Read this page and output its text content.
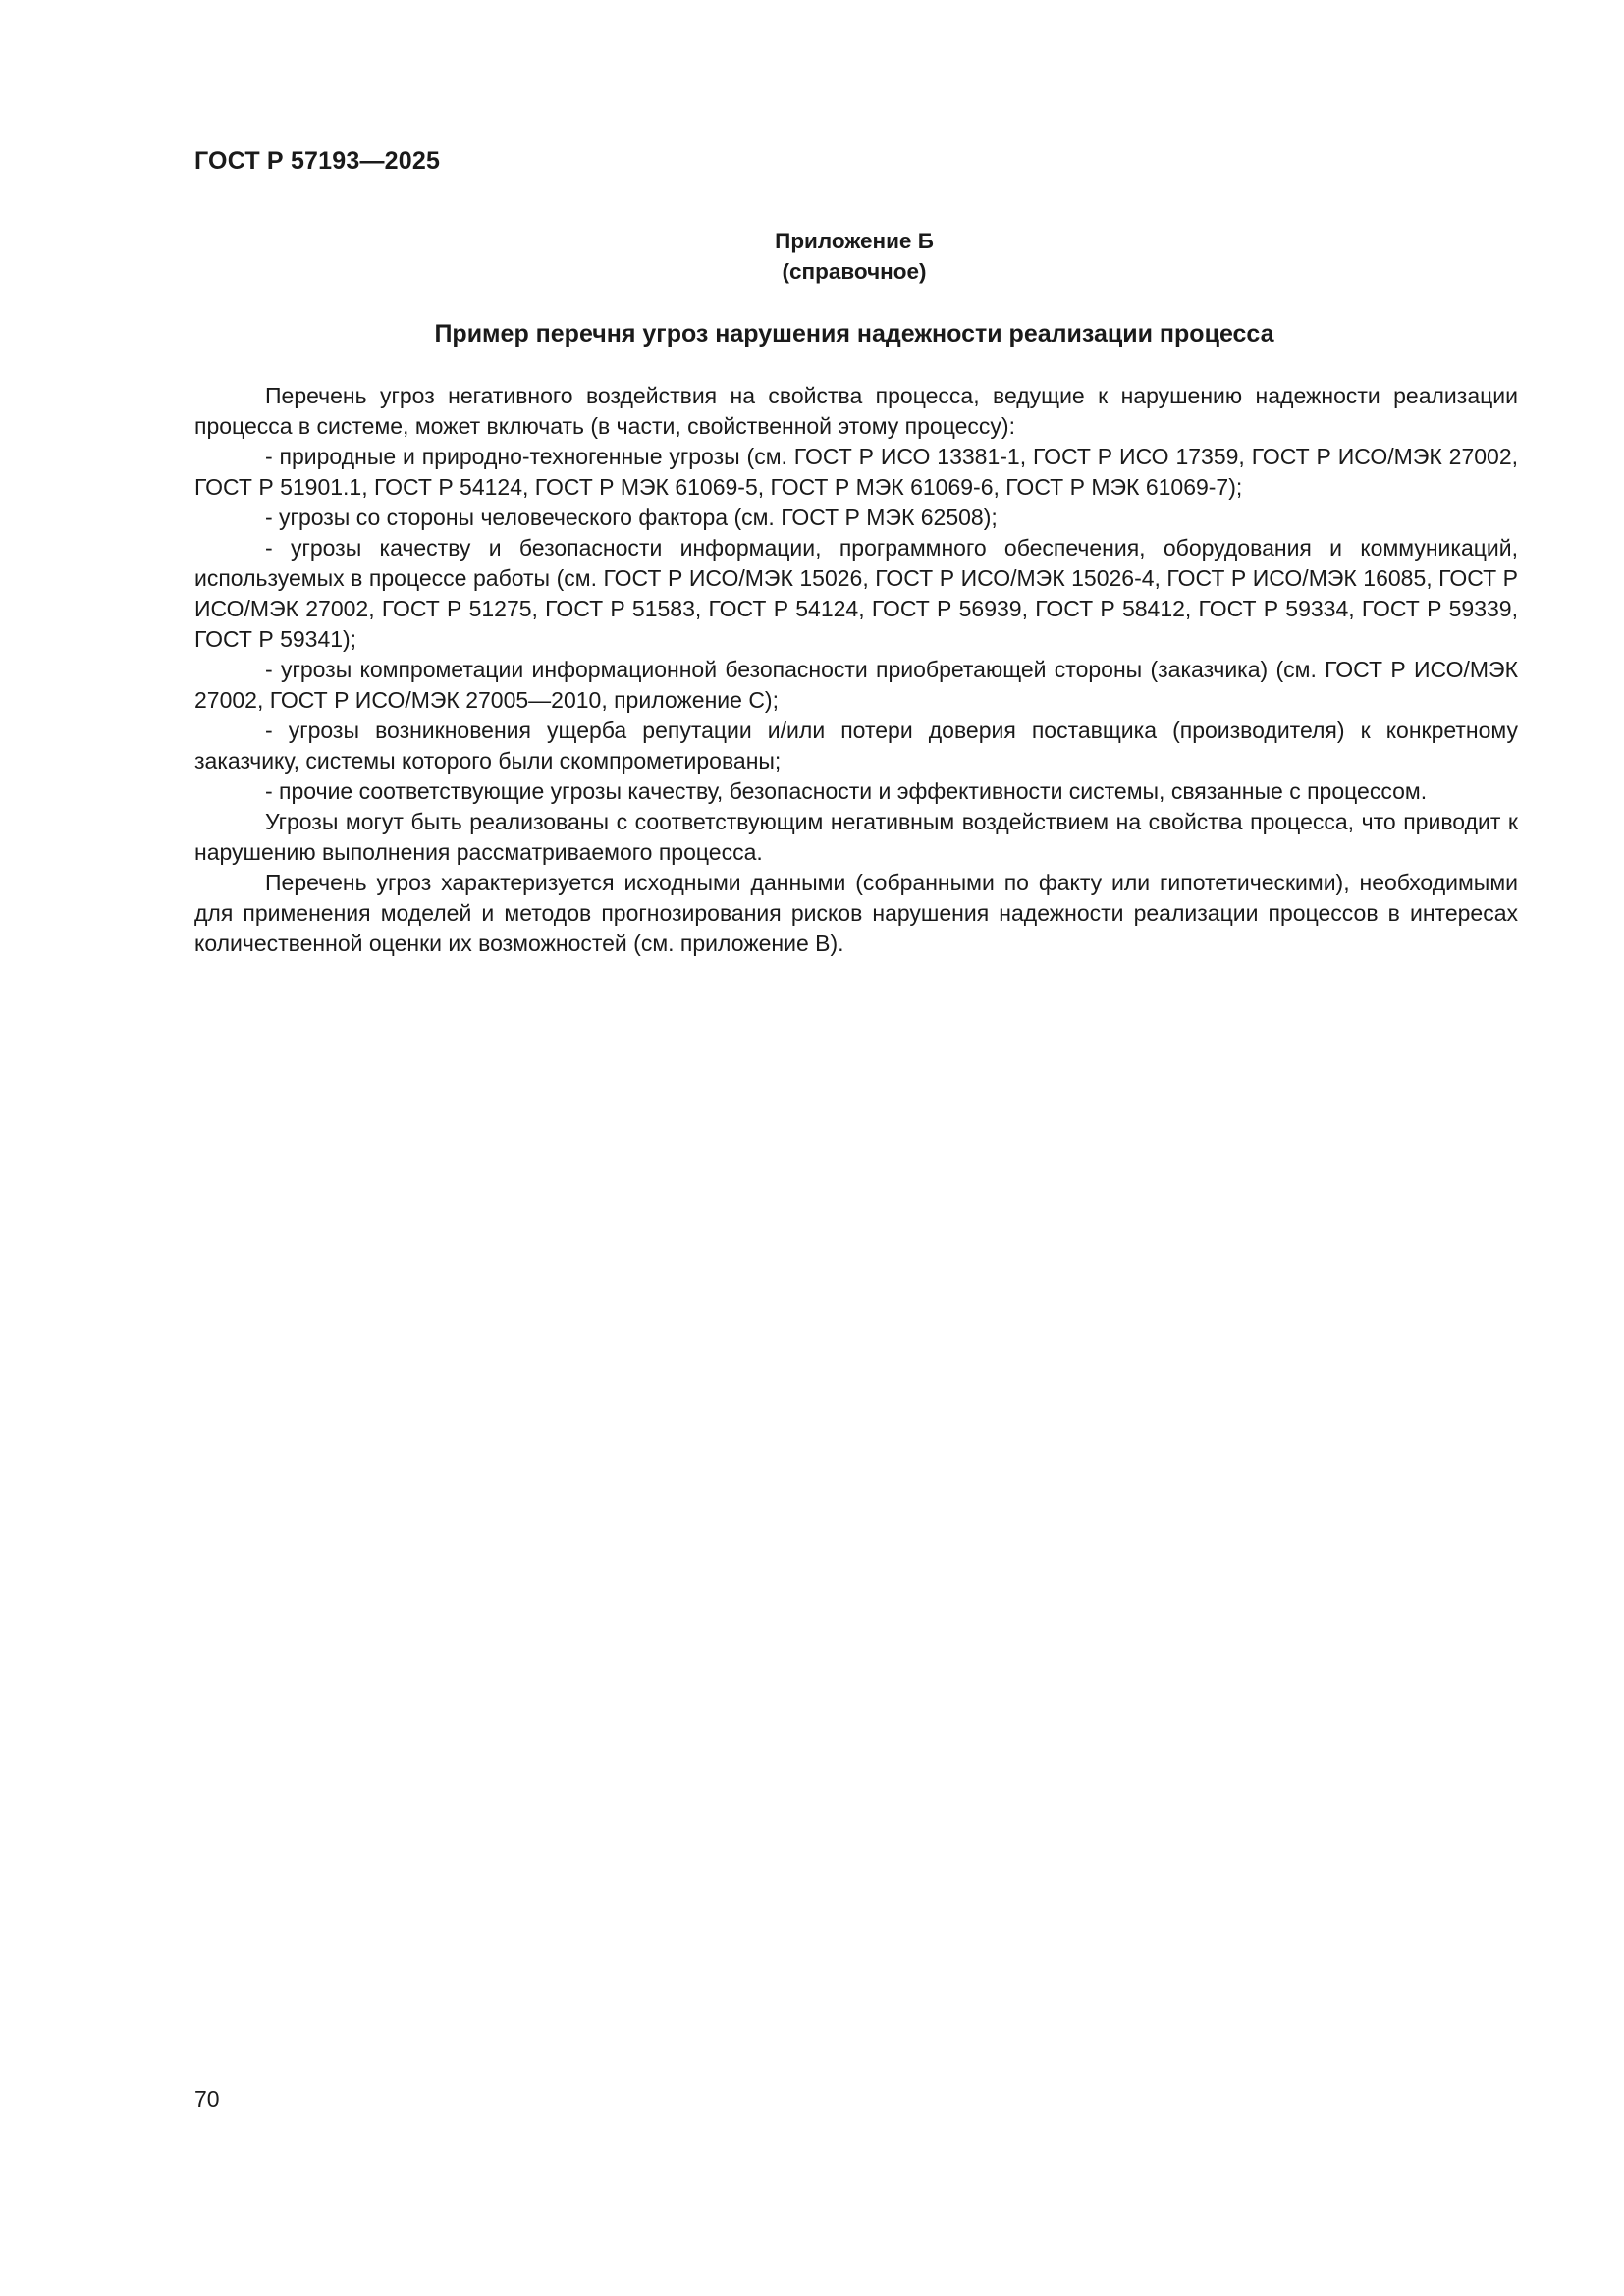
ГОСТ Р 57193—2025
Приложение Б
(справочное)
Пример перечня угроз нарушения надежности реализации процесса

Перечень угроз негативного воздействия на свойства процесса, ведущие к нарушению надежности реализации процесса в системе, может включать (в части, свойственной этому процессу):

- природные и природно-техногенные угрозы (см. ГОСТ Р ИСО 13381-1, ГОСТ Р ИСО 17359, ГОСТ Р ИСО/МЭК 27002, ГОСТ Р 51901.1, ГОСТ Р 54124, ГОСТ Р МЭК 61069-5, ГОСТ Р МЭК 61069-6, ГОСТ Р МЭК 61069-7);

- угрозы со стороны человеческого фактора (см. ГОСТ Р МЭК 62508);

- угрозы качеству и безопасности информации, программного обеспечения, оборудования и коммуникаций, используемых в процессе работы (см. ГОСТ Р ИСО/МЭК 15026, ГОСТ Р ИСО/МЭК 15026-4, ГОСТ Р ИСО/МЭК 16085, ГОСТ Р ИСО/МЭК 27002, ГОСТ Р 51275, ГОСТ Р 51583, ГОСТ Р 54124, ГОСТ Р 56939, ГОСТ Р 58412, ГОСТ Р 59334, ГОСТ Р 59339, ГОСТ Р 59341);

- угрозы компрометации информационной безопасности приобретающей стороны (заказчика) (см. ГОСТ Р ИСО/МЭК 27002, ГОСТ Р ИСО/МЭК 27005—2010, приложение С);

- угрозы возникновения ущерба репутации и/или потери доверия поставщика (производителя) к конкретному заказчику, системы которого были скомпрометированы;

- прочие соответствующие угрозы качеству, безопасности и эффективности системы, связанные с процессом.

Угрозы могут быть реализованы с соответствующим негативным воздействием на свойства процесса, что приводит к нарушению выполнения рассматриваемого процесса.

Перечень угроз характеризуется исходными данными (собранными по факту или гипотетическими), необходимыми для применения моделей и методов прогнозирования рисков нарушения надежности реализации процессов в интересах количественной оценки их возможностей (см. приложение В).

70
